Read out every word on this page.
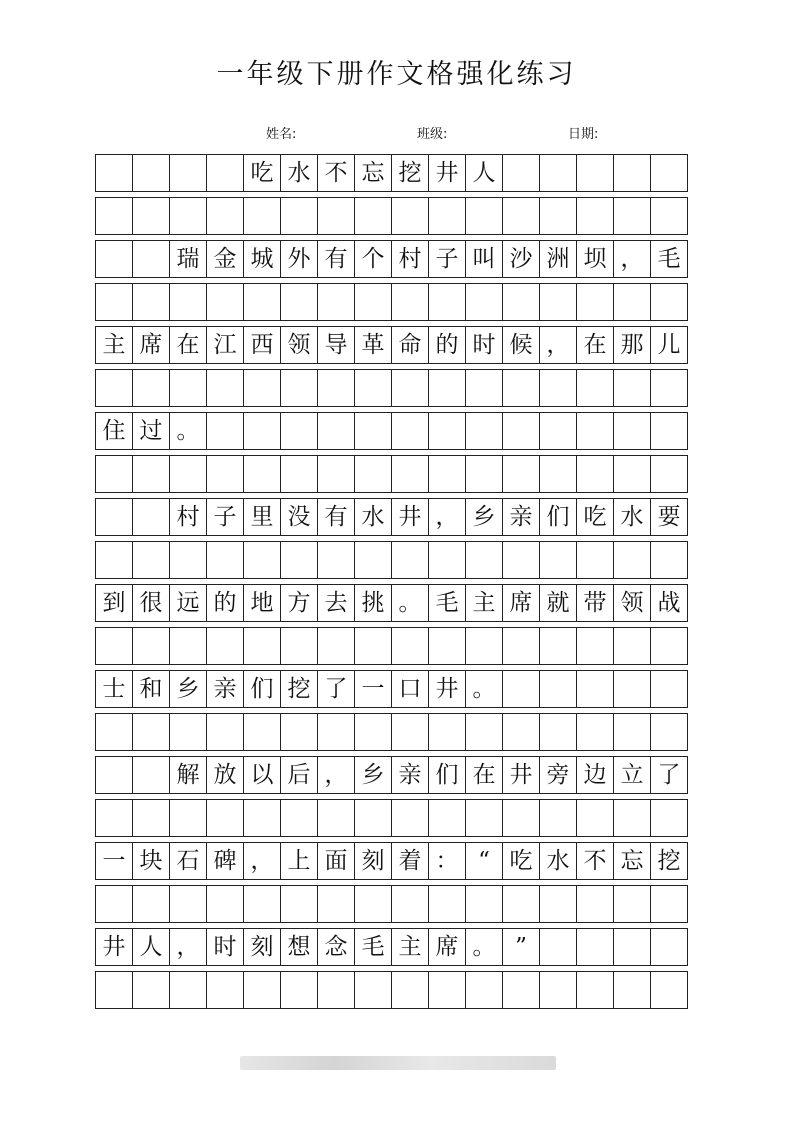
一年级下册作文格强化练习
姓名:	班级:	日期:
吃 水 不 忘 挖 井 人
瑞 金 城 外 有 个 村 子 叫 沙 洲 坝 ， 毛
主 席 在 江 西 领 导 革 命 的 时 候 ， 在 那 儿
住 过 。
村 子 里 没 有 水 井 ， 乡 亲 们 吃 水 要
到 很 远 的 地 方 去 挑 。 毛 主 席 就 带 领 战
士 和 乡 亲 们 挖 了 一 口 井 。
解 放 以 后 ， 乡 亲 们 在 井 旁 边 立 了
一 块 石 碑 ， 上 面 刻 着 ： “ 吃 水 不 忘 挖
井 人 ， 时 刻 想 念 毛 主 席 。 ”
